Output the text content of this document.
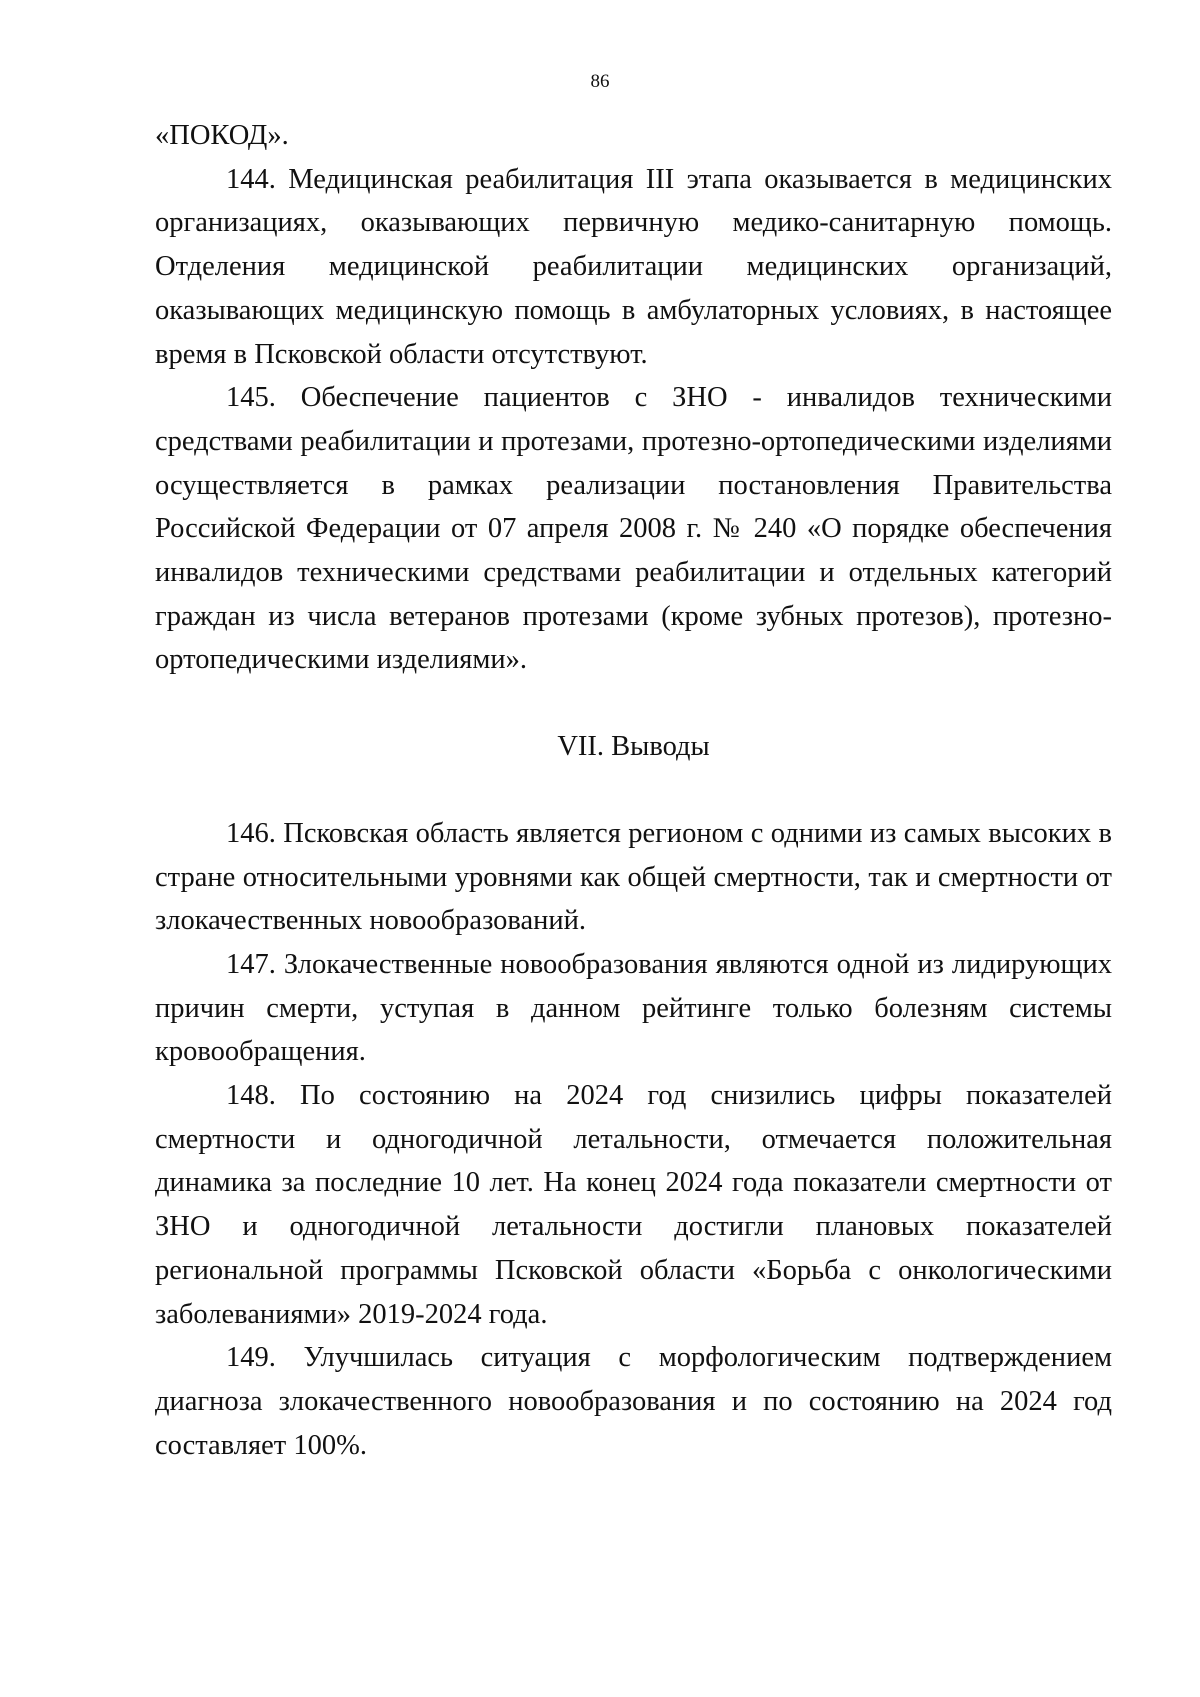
86

«ПОКОД».

144. Медицинская реабилитация III этапа оказывается в медицинских организациях, оказывающих первичную медико-санитарную помощь. Отделения медицинской реабилитации медицинских организаций, оказывающих медицинскую помощь в амбулаторных условиях, в настоящее время в Псковской области отсутствуют.

145. Обеспечение пациентов с ЗНО - инвалидов техническими средствами реабилитации и протезами, протезно-ортопедическими изделиями осуществляется в рамках реализации постановления Правительства Российской Федерации от 07 апреля 2008 г. № 240 «О порядке обеспечения инвалидов техническими средствами реабилитации и отдельных категорий граждан из числа ветеранов протезами (кроме зубных протезов), протезно-ортопедическими изделиями».

VII. Выводы

146. Псковская область является регионом с одними из самых высоких в стране относительными уровнями как общей смертности, так и смертности от злокачественных новообразований.

147. Злокачественные новообразования являются одной из лидирующих причин смерти, уступая в данном рейтинге только болезням системы кровообращения.

148. По состоянию на 2024 год снизились цифры показателей смертности и одногодичной летальности, отмечается положительная динамика за последние 10 лет. На конец 2024 года показатели смертности от ЗНО и одногодичной летальности достигли плановых показателей региональной программы Псковской области «Борьба с онкологическими заболеваниями» 2019-2024 года.

149. Улучшилась ситуация с морфологическим подтверждением диагноза злокачественного новообразования и по состоянию на 2024 год составляет 100%.
